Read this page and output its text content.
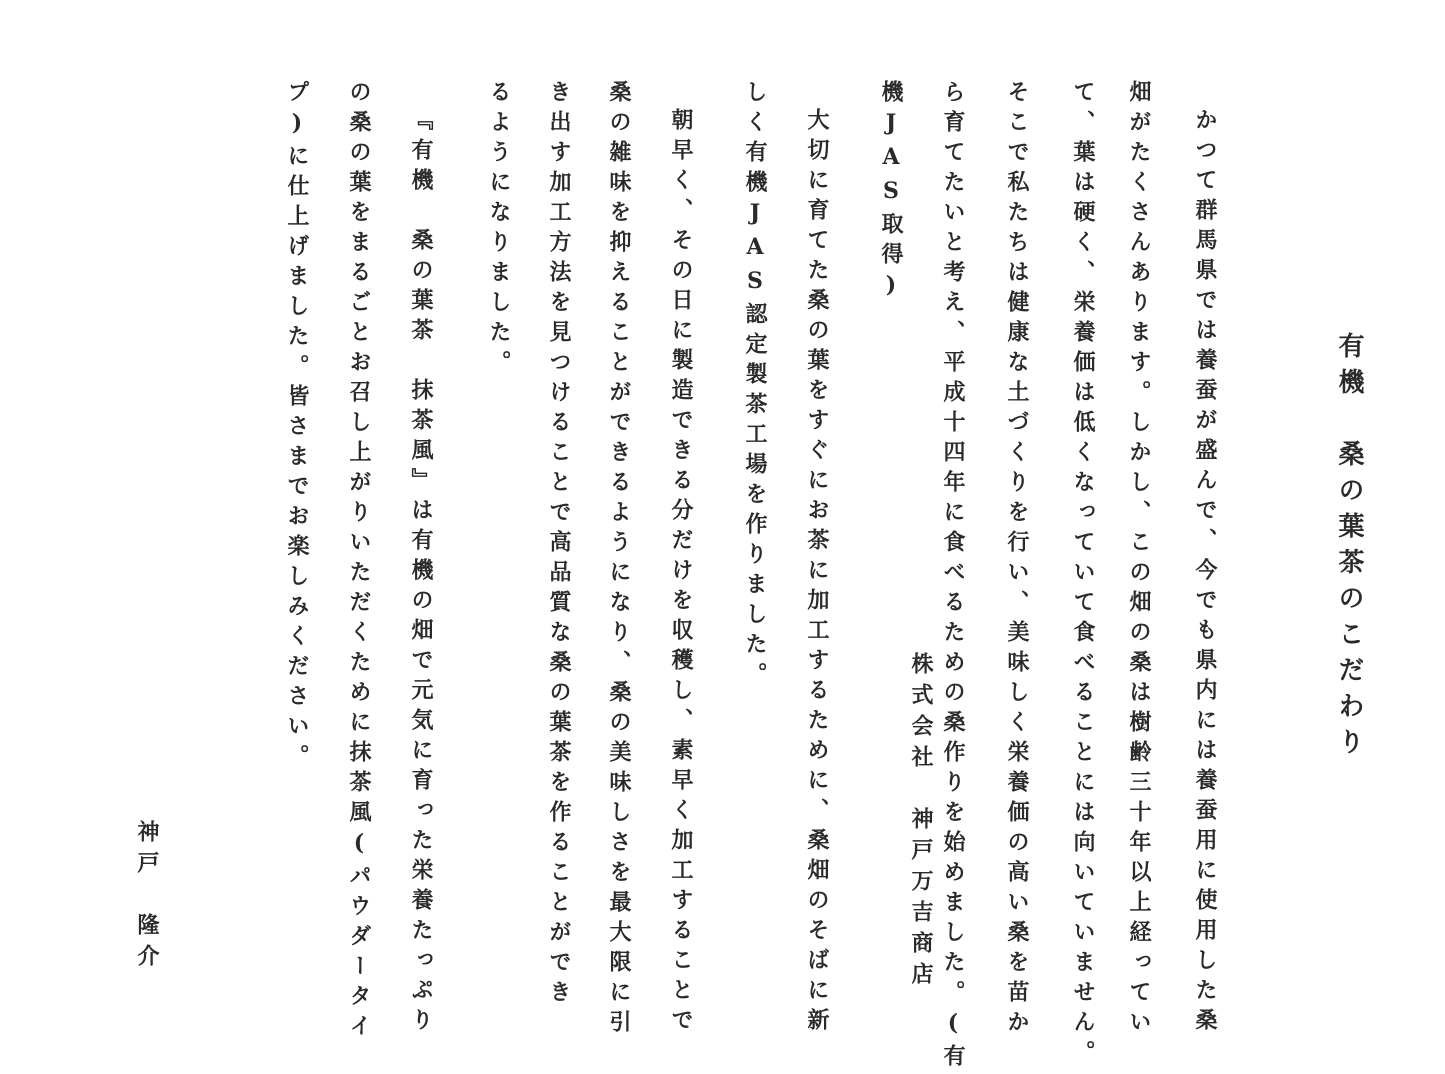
有機　桑の葉茶のこだわり
かつて群馬県では養蚕が盛んで、今でも県内には養蚕用に使用した桑
畑がたくさんあります。しかし、この畑の桑は樹齢三十年以上経ってい
て、葉は硬く、栄養価は低くなっていて食べることには向いていません。
そこで私たちは健康な土づくりを行い、美味しく栄養価の高い桑を苗か
ら育てたいと考え、平成十四年に食べるための桑作りを始めました。(有
機JAS取得)
大切に育てた桑の葉をすぐにお茶に加工するために、桑畑のそばに新
しく有機JAS認定製茶工場を作りました。
朝早く、その日に製造できる分だけを収穫し、素早く加工することで
桑の雑味を抑えることができるようになり、桑の美味しさを最大限に引
き出す加工方法を見つけることで高品質な桑の葉茶を作ることができ
るようになりました。
『有機　桑の葉茶　抹茶風』は有機の畑で元気に育った栄養たっぷり
の桑の葉をまるごとお召し上がりいただくために抹茶風(パウダータイ
プ)に仕上げました。皆さまでお楽しみください。
株式会社　神戸万吉商店
神戸　隆介
